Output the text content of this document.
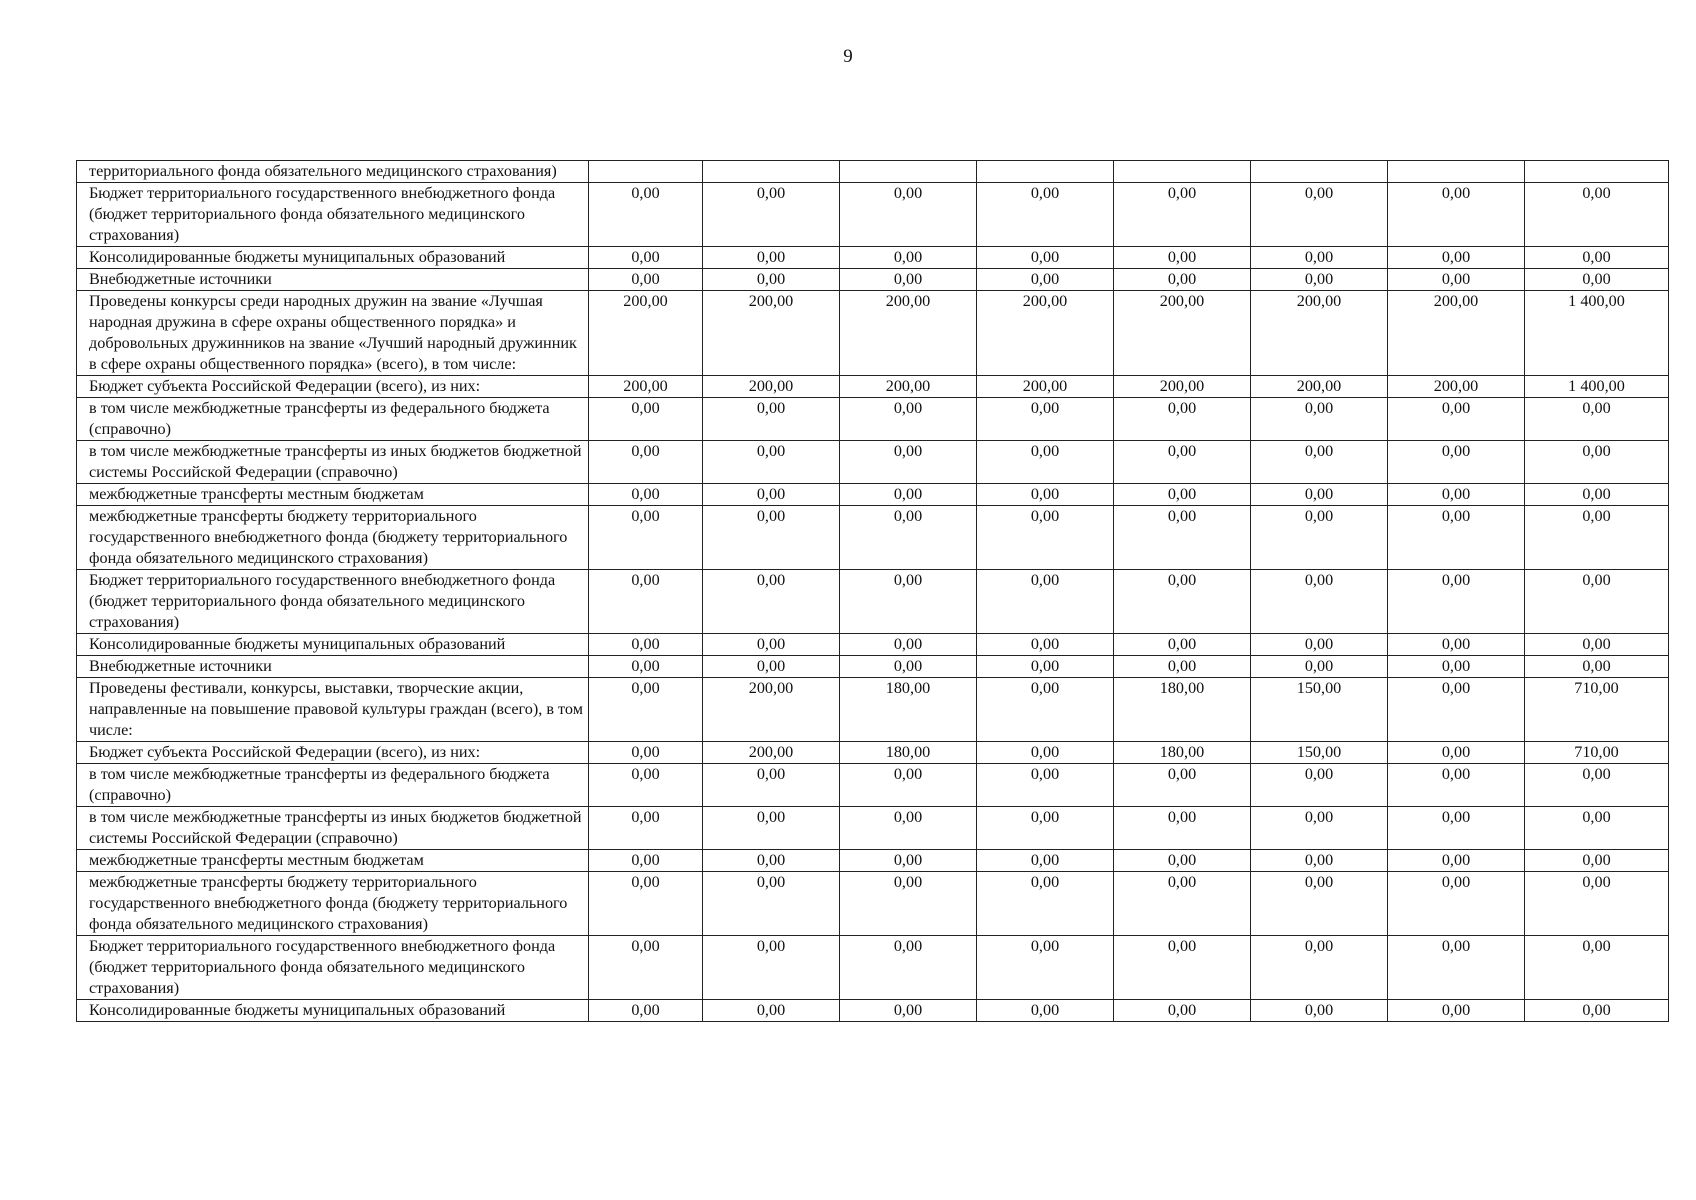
9
территориального фонда обязательного медицинского страхования)								
Бюджет территориального государственного внебюджетного фонда (бюджет территориального фонда обязательного медицинского страхования)	0,00	0,00	0,00	0,00	0,00	0,00	0,00	0,00
Консолидированные бюджеты муниципальных образований	0,00	0,00	0,00	0,00	0,00	0,00	0,00	0,00
Внебюджетные источники	0,00	0,00	0,00	0,00	0,00	0,00	0,00	0,00
Проведены конкурсы среди народных дружин на звание «Лучшая народная дружина в сфере охраны общественного порядка» и добровольных дружинников на звание «Лучший народный дружинник в сфере охраны общественного порядка» (всего), в том числе:	200,00	200,00	200,00	200,00	200,00	200,00	200,00	1 400,00
Бюджет субъекта Российской Федерации (всего), из них:	200,00	200,00	200,00	200,00	200,00	200,00	200,00	1 400,00
в том числе межбюджетные трансферты из федерального бюджета (справочно)	0,00	0,00	0,00	0,00	0,00	0,00	0,00	0,00
в том числе межбюджетные трансферты из иных бюджетов бюджетной системы Российской Федерации (справочно)	0,00	0,00	0,00	0,00	0,00	0,00	0,00	0,00
межбюджетные трансферты местным бюджетам	0,00	0,00	0,00	0,00	0,00	0,00	0,00	0,00
межбюджетные трансферты бюджету территориального государственного внебюджетного фонда (бюджету территориального фонда обязательного медицинского страхования)	0,00	0,00	0,00	0,00	0,00	0,00	0,00	0,00
Бюджет территориального государственного внебюджетного фонда (бюджет территориального фонда обязательного медицинского страхования)	0,00	0,00	0,00	0,00	0,00	0,00	0,00	0,00
Консолидированные бюджеты муниципальных образований	0,00	0,00	0,00	0,00	0,00	0,00	0,00	0,00
Внебюджетные источники	0,00	0,00	0,00	0,00	0,00	0,00	0,00	0,00
Проведены фестивали, конкурсы, выставки, творческие акции, направленные на повышение правовой культуры граждан (всего), в том числе:	0,00	200,00	180,00	0,00	180,00	150,00	0,00	710,00
Бюджет субъекта Российской Федерации (всего), из них:	0,00	200,00	180,00	0,00	180,00	150,00	0,00	710,00
в том числе межбюджетные трансферты из федерального бюджета (справочно)	0,00	0,00	0,00	0,00	0,00	0,00	0,00	0,00
в том числе межбюджетные трансферты из иных бюджетов бюджетной системы Российской Федерации (справочно)	0,00	0,00	0,00	0,00	0,00	0,00	0,00	0,00
межбюджетные трансферты местным бюджетам	0,00	0,00	0,00	0,00	0,00	0,00	0,00	0,00
межбюджетные трансферты бюджету территориального государственного внебюджетного фонда (бюджету территориального фонда обязательного медицинского страхования)	0,00	0,00	0,00	0,00	0,00	0,00	0,00	0,00
Бюджет территориального государственного внебюджетного фонда (бюджет территориального фонда обязательного медицинского страхования)	0,00	0,00	0,00	0,00	0,00	0,00	0,00	0,00
Консолидированные бюджеты муниципальных образований	0,00	0,00	0,00	0,00	0,00	0,00	0,00	0,00
